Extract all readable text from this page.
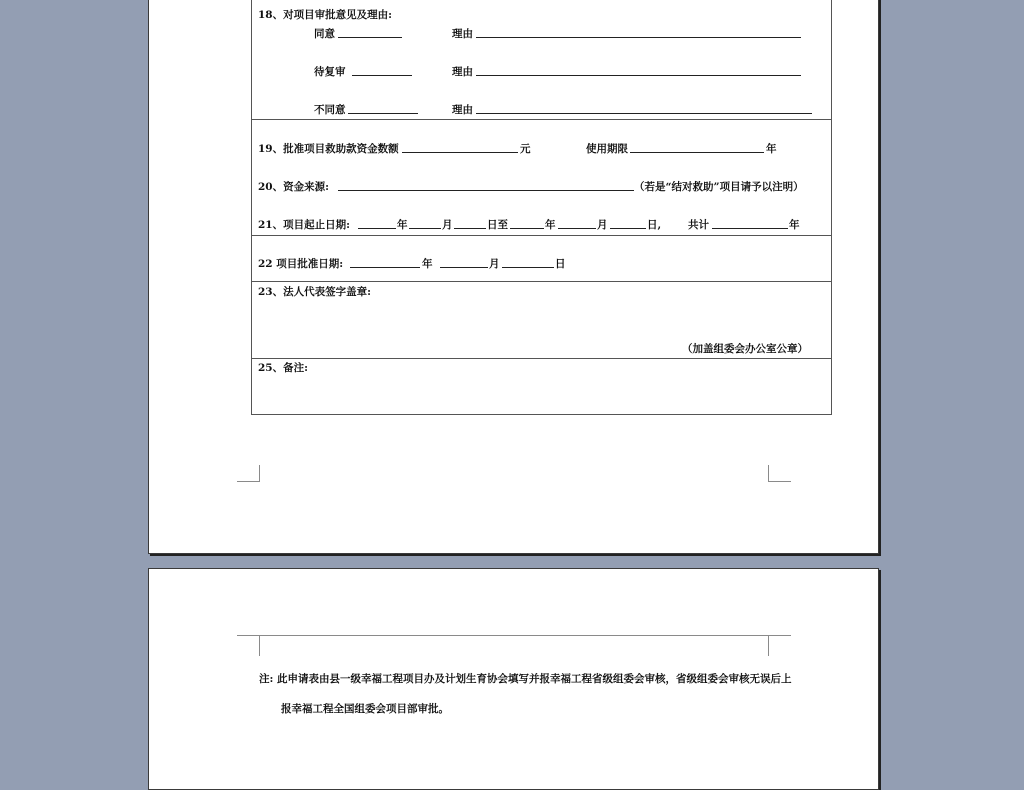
18、对项目审批意见及理由:
同意	理由
待复审	理由
不同意	理由
19、批准项目救助款资金数额	元	使用期限	年
20、资金来源:	（若是“结对救助”项目请予以注明）
21、项目起止日期:	年	月	日至	年	月	日,	共计	年
22 项目批准日期:	年	月	日
23、法人代表签字盖章:
（加盖组委会办公室公章）
25、备注:
注: 此申请表由县一级幸福工程项目办及计划生育协会填写并报幸福工程省级组委会审核，省级组委会审核无误后上
报幸福工程全国组委会项目部审批。
